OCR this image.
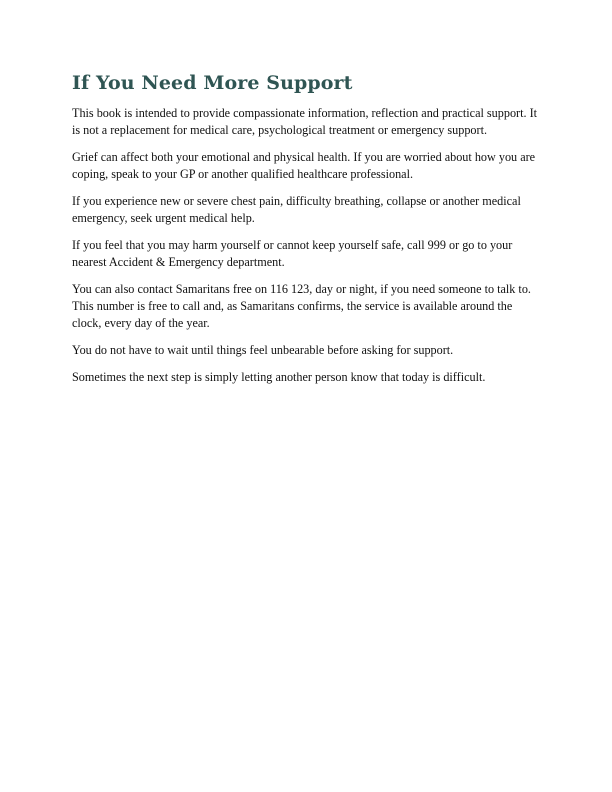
If You Need More Support

This book is intended to provide compassionate information, reflection and practical support. It is not a replacement for medical care, psychological treatment or emergency support.

Grief can affect both your emotional and physical health. If you are worried about how you are coping, speak to your GP or another qualified healthcare professional.

If you experience new or severe chest pain, difficulty breathing, collapse or another medical emergency, seek urgent medical help.

If you feel that you may harm yourself or cannot keep yourself safe, call 999 or go to your nearest Accident & Emergency department.

You can also contact Samaritans free on 116 123, day or night, if you need someone to talk to. This number is free to call and, as Samaritans confirms, the service is available around the clock, every day of the year.

You do not have to wait until things feel unbearable before asking for support.

Sometimes the next step is simply letting another person know that today is difficult.
